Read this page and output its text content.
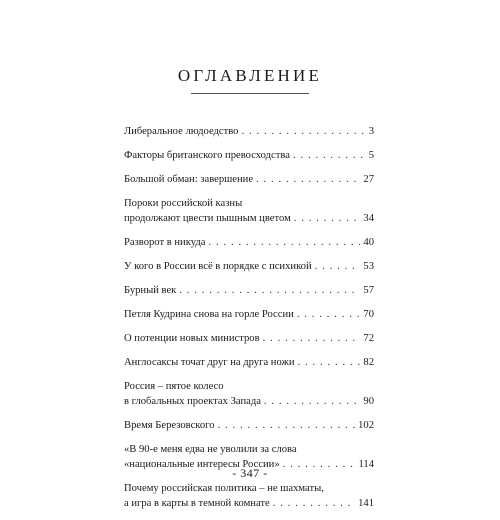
ОГЛАВЛЕНИЕ
Либеральное людоедство . . .	3
Факторы британского превосходства . . .	5
Большой обман: завершение . . .	27
Пороки российской казны
продолжают цвести пышным цветом . . .	34
Разворот в никуда . . .	40
У кого в России всё в порядке с психикой . . .	53
Бурный век . . .	57
Петля Кудрина снова на горле России . . .	70
О потенции новых министров . . .	72
Англосаксы точат друг на друга ножи . . .	82
Россия – пятое колесо
в глобальных проектах Запада . . .	90
Время Березовского . . .	102
«В 90-е меня едва не уволили за слова
«национальные интересы России» . . .	114
Почему российская политика – не шахматы,
а игра в карты в темной комнате . . .	141
- 347 -
